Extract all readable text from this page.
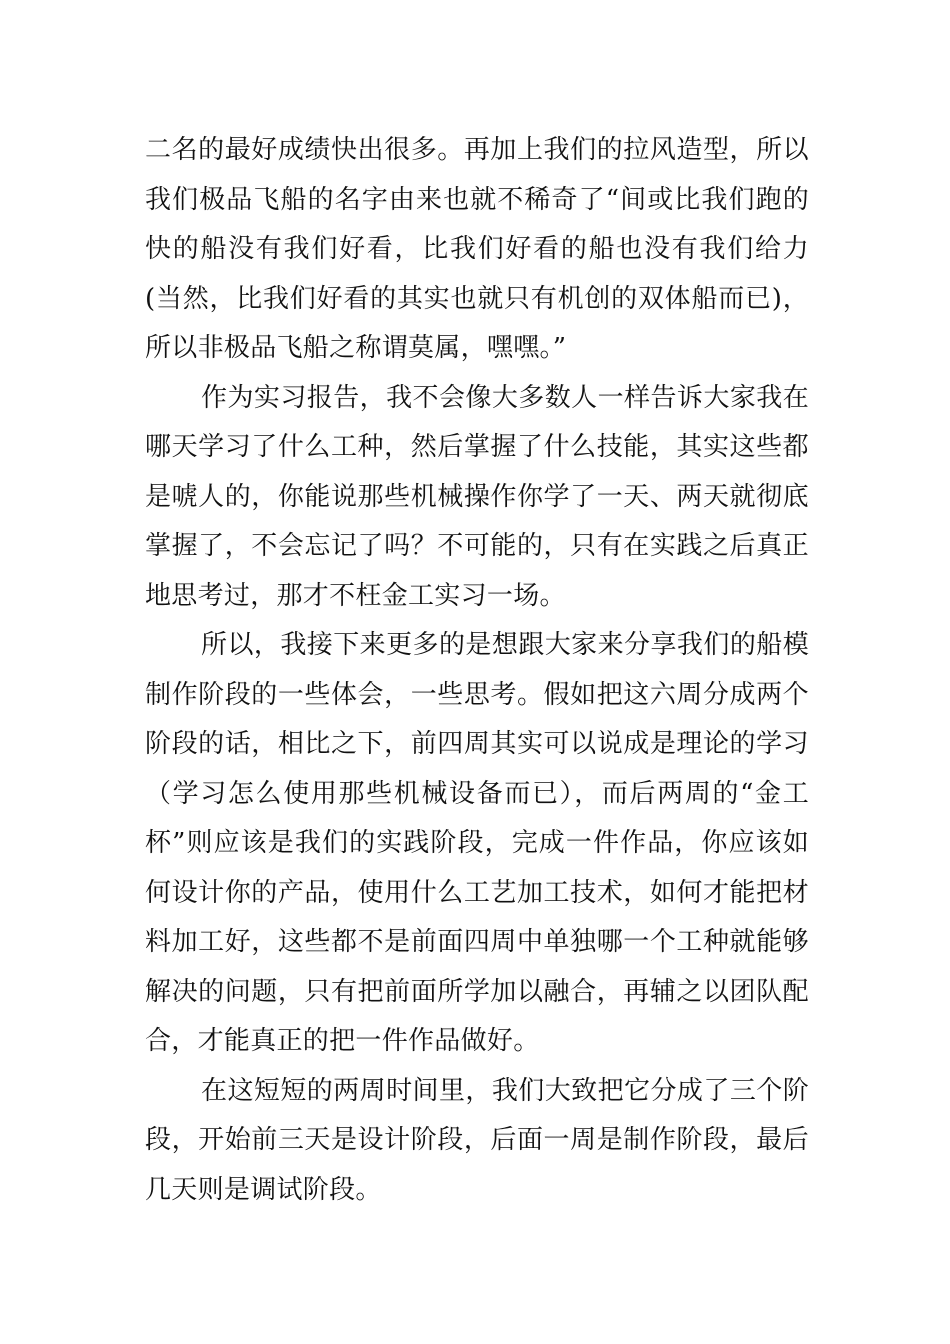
二名的最好成绩快出很多。再加上我们的拉风造型，所以我们极品飞船的名字由来也就不稀奇了“间或比我们跑的快的船没有我们好看，比我们好看的船也没有我们给力(当然，比我们好看的其实也就只有机创的双体船而已)，所以非极品飞船之称谓莫属，嘿嘿。”

作为实习报告，我不会像大多数人一样告诉大家我在哪天学习了什么工种，然后掌握了什么技能，其实这些都是唬人的，你能说那些机械操作你学了一天、两天就彻底掌握了，不会忘记了吗？不可能的，只有在实践之后真正地思考过，那才不枉金工实习一场。

所以，我接下来更多的是想跟大家来分享我们的船模制作阶段的一些体会，一些思考。假如把这六周分成两个阶段的话，相比之下，前四周其实可以说成是理论的学习（学习怎么使用那些机械设备而已），而后两周的“金工杯”则应该是我们的实践阶段，完成一件作品，你应该如何设计你的产品，使用什么工艺加工技术，如何才能把材料加工好，这些都不是前面四周中单独哪一个工种就能够解决的问题，只有把前面所学加以融合，再辅之以团队配合，才能真正的把一件作品做好。

在这短短的两周时间里，我们大致把它分成了三个阶段，开始前三天是设计阶段，后面一周是制作阶段，最后几天则是调试阶段。
